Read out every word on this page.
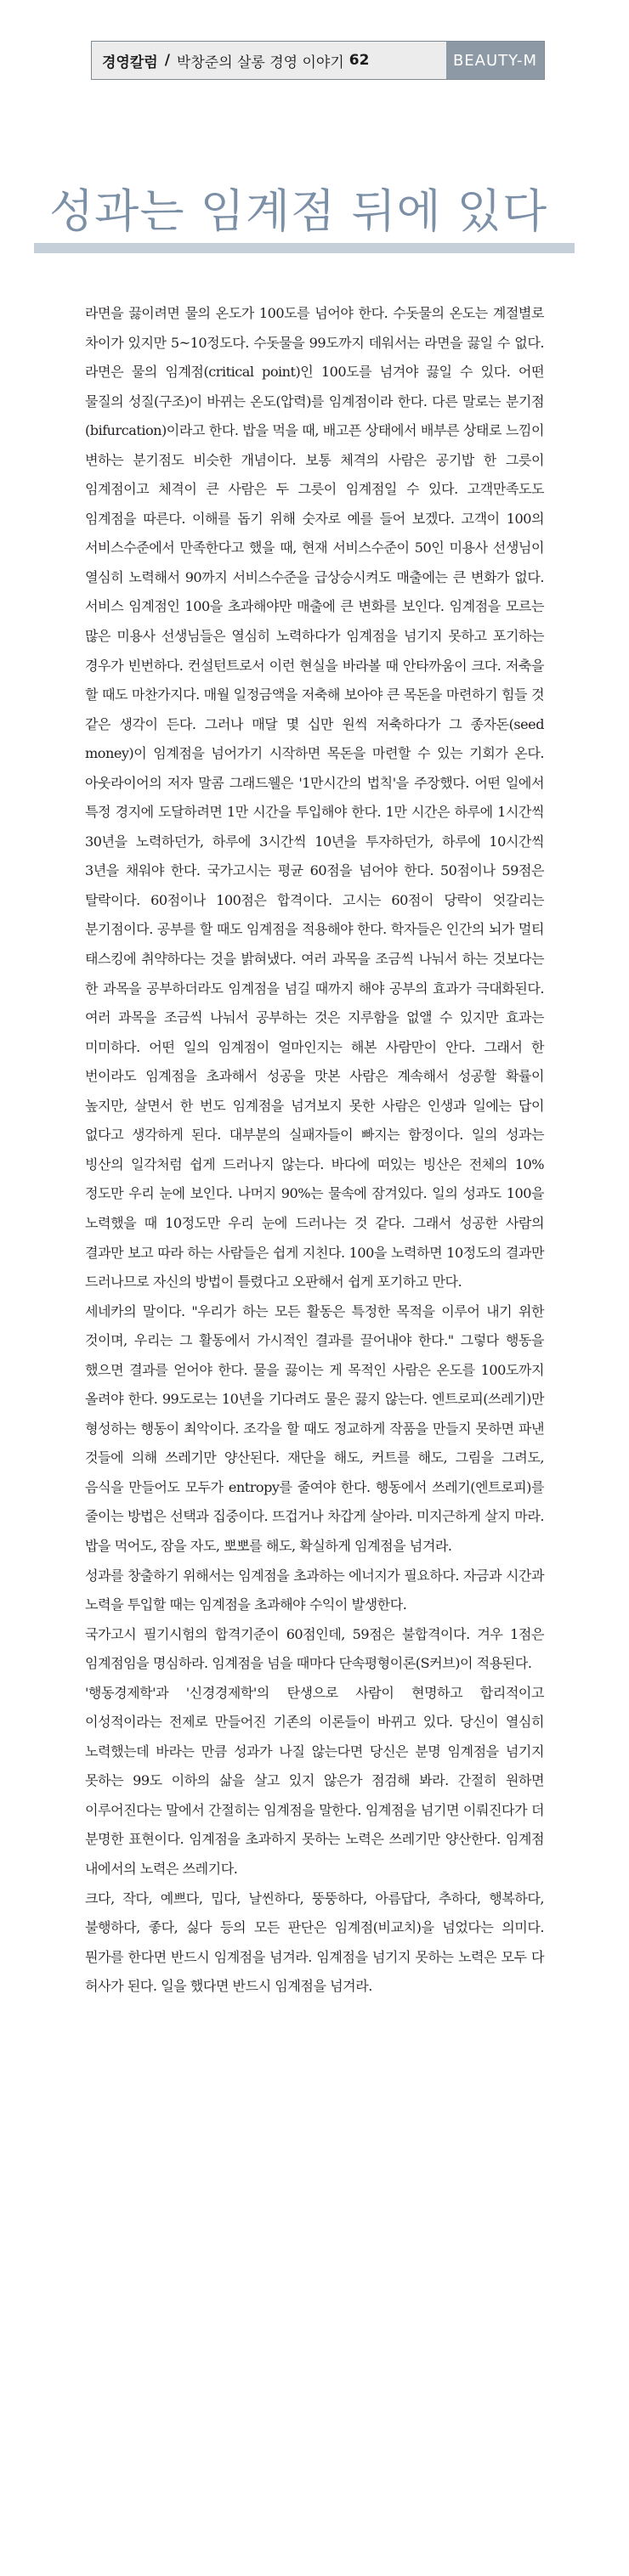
경영칼럼 / 박창준의 살롱 경영 이야기 62	BEAUTY-M
성과는 임계점 뒤에 있다

라면을 끓이려면 물의 온도가 100도를 넘어야 한다. 수돗물의 온도는 계절별로 차이가 있지만 5~10정도다. 수돗물을 99도까지 데워서는 라면을 끓일 수 없다. 라면은 물의 임계점(critical point)인 100도를 넘겨야 끓일 수 있다. 어떤 물질의 성질(구조)이 바뀌는 온도(압력)를 임계점이라 한다. 다른 말로는 분기점(bifurcation)이라고 한다. 밥을 먹을 때, 배고픈 상태에서 배부른 상태로 느낌이 변하는 분기점도 비슷한 개념이다. 보통 체격의 사람은 공기밥 한 그릇이 임계점이고 체격이 큰 사람은 두 그릇이 임계점일 수 있다. 고객만족도도 임계점을 따른다. 이해를 돕기 위해 숫자로 예를 들어 보겠다. 고객이 100의 서비스수준에서 만족한다고 했을 때, 현재 서비스수준이 50인 미용사 선생님이 열심히 노력해서 90까지 서비스수준을 급상승시켜도 매출에는 큰 변화가 없다. 서비스 임계점인 100을 초과해야만 매출에 큰 변화를 보인다. 임계점을 모르는 많은 미용사 선생님들은 열심히 노력하다가 임계점을 넘기지 못하고 포기하는 경우가 빈번하다. 컨설턴트로서 이런 현실을 바라볼 때 안타까움이 크다. 저축을 할 때도 마찬가지다. 매월 일정금액을 저축해 보아야 큰 목돈을 마련하기 힘들 것 같은 생각이 든다. 그러나 매달 몇 십만 원씩 저축하다가 그 종자돈(seed money)이 임계점을 넘어가기 시작하면 목돈을 마련할 수 있는 기회가 온다. 아웃라이어의 저자 말콤 그래드웰은 '1만시간의 법칙'을 주장했다. 어떤 일에서 특정 경지에 도달하려면 1만 시간을 투입해야 한다. 1만 시간은 하루에 1시간씩 30년을 노력하던가, 하루에 3시간씩 10년을 투자하던가, 하루에 10시간씩 3년을 채워야 한다. 국가고시는 평균 60점을 넘어야 한다. 50점이나 59점은 탈락이다. 60점이나 100점은 합격이다. 고시는 60점이 당락이 엇갈리는 분기점이다. 공부를 할 때도 임계점을 적용해야 한다. 학자들은 인간의 뇌가 멀티 태스킹에 취약하다는 것을 밝혀냈다. 여러 과목을 조금씩 나눠서 하는 것보다는 한 과목을 공부하더라도 임계점을 넘길 때까지 해야 공부의 효과가 극대화된다. 여러 과목을 조금씩 나눠서 공부하는 것은 지루함을 없앨 수 있지만 효과는 미미하다. 어떤 일의 임계점이 얼마인지는 해본 사람만이 안다. 그래서 한 번이라도 임계점을 초과해서 성공을 맛본 사람은 계속해서 성공할 확률이 높지만, 살면서 한 번도 임계점을 넘겨보지 못한 사람은 인생과 일에는 답이 없다고 생각하게 된다. 대부분의 실패자들이 빠지는 함정이다. 일의 성과는 빙산의 일각처럼 쉽게 드러나지 않는다. 바다에 떠있는 빙산은 전체의 10%정도만 우리 눈에 보인다. 나머지 90%는 물속에 잠겨있다. 일의 성과도 100을 노력했을 때 10정도만 우리 눈에 드러나는 것 같다. 그래서 성공한 사람의 결과만 보고 따라 하는 사람들은 쉽게 지친다. 100을 노력하면 10정도의 결과만 드러나므로 자신의 방법이 틀렸다고 오판해서 쉽게 포기하고 만다.

세네카의 말이다. "우리가 하는 모든 활동은 특정한 목적을 이루어 내기 위한 것이며, 우리는 그 활동에서 가시적인 결과를 끌어내야 한다." 그렇다 행동을 했으면 결과를 얻어야 한다. 물을 끓이는 게 목적인 사람은 온도를 100도까지 올려야 한다. 99도로는 10년을 기다려도 물은 끓지 않는다. 엔트로피(쓰레기)만 형성하는 행동이 최악이다. 조각을 할 때도 정교하게 작품을 만들지 못하면 파낸 것들에 의해 쓰레기만 양산된다. 재단을 해도, 커트를 해도, 그림을 그려도, 음식을 만들어도 모두가 entropy를 줄여야 한다. 행동에서 쓰레기(엔트로피)를 줄이는 방법은 선택과 집중이다. 뜨겁거나 차갑게 살아라. 미지근하게 살지 마라. 밥을 먹어도, 잠을 자도, 뽀뽀를 해도, 확실하게 임계점을 넘겨라.

성과를 창출하기 위해서는 임계점을 초과하는 에너지가 필요하다. 자금과 시간과 노력을 투입할 때는 임계점을 초과해야 수익이 발생한다.

국가고시 필기시험의 합격기준이 60점인데, 59점은 불합격이다. 겨우 1점은 임계점임을 명심하라. 임계점을 넘을 때마다 단속평형이론(S커브)이 적용된다.

'행동경제학'과 '신경경제학'의 탄생으로 사람이 현명하고 합리적이고 이성적이라는 전제로 만들어진 기존의 이론들이 바뀌고 있다. 당신이 열심히 노력했는데 바라는 만큼 성과가 나질 않는다면 당신은 분명 임계점을 넘기지 못하는 99도 이하의 삶을 살고 있지 않은가 점검해 봐라. 간절히 원하면 이루어진다는 말에서 간절히는 임계점을 말한다. 임계점을 넘기면 이뤄진다가 더 분명한 표현이다. 임계점을 초과하지 못하는 노력은 쓰레기만 양산한다. 임계점 내에서의 노력은 쓰레기다.

크다, 작다, 예쁘다, 밉다, 날씬하다, 뚱뚱하다, 아름답다, 추하다, 행복하다, 불행하다, 좋다, 싫다 등의 모든 판단은 임계점(비교치)을 넘었다는 의미다. 뭔가를 한다면 반드시 임계점을 넘겨라. 임계점을 넘기지 못하는 노력은 모두 다 허사가 된다. 일을 했다면 반드시 임계점을 넘겨라.
